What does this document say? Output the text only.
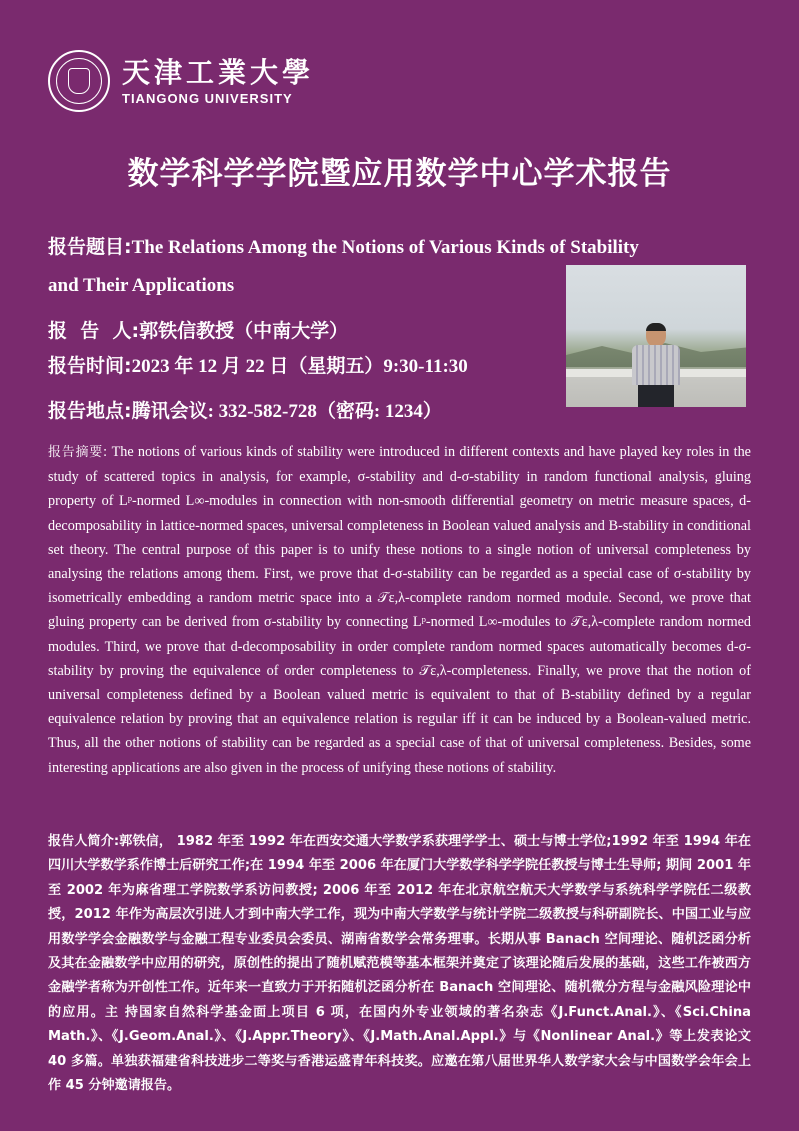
天津工業大學
TIANGONG UNIVERSITY
数学科学学院暨应用数学中心学术报告
报告题目:The Relations Among the Notions of Various Kinds of Stability
and Their Applications
报  告  人:郭铁信教授（中南大学）
报告时间:2023 年 12 月 22 日（星期五）9:30-11:30
报告地点:腾讯会议: 332-582-728（密码: 1234）
报告摘要: The notions of various kinds of stability were introduced in different contexts and have played key roles in the study of scattered topics in analysis, for example, σ-stability and d-σ-stability in random functional analysis, gluing property of Lᵖ-normed L∞-modules in connection with non-smooth differential geometry on metric measure spaces, d-decomposability in lattice-normed spaces, universal completeness in Boolean valued analysis and B-stability in conditional set theory. The central purpose of this paper is to unify these notions to a single notion of universal completeness by analysing the relations among them. First, we prove that d-σ-stability can be regarded as a special case of σ-stability by isometrically embedding a random metric space into a 𝒯ε,λ-complete random normed module. Second, we prove that gluing property can be derived from σ-stability by connecting Lᵖ-normed L∞-modules to 𝒯ε,λ-complete random normed modules. Third, we prove that d-decomposability in order complete random normed spaces automatically becomes d-σ-stability by proving the equivalence of order completeness to 𝒯ε,λ-completeness. Finally, we prove that the notion of universal completeness defined by a Boolean valued metric is equivalent to that of B-stability defined by a regular equivalence relation by proving that an equivalence relation is regular iff it can be induced by a Boolean-valued metric. Thus, all the other notions of stability can be regarded as a special case of that of universal completeness. Besides, some interesting applications are also given in the process of unifying these notions of stability.
报告人简介:郭铁信， 1982 年至 1992 年在西安交通大学数学系获理学学士、硕士与博士学位;1992 年至 1994 年在四川大学数学系作博士后研究工作;在 1994 年至 2006 年在厦门大学数学科学学院任教授与博士生导师; 期间 2001 年至 2002 年为麻省理工学院数学系访问教授; 2006 年至 2012 年在北京航空航天大学数学与系统科学学院任二级教授，2012 年作为高层次引进人才到中南大学工作，现为中南大学数学与统计学院二级教授与科研副院长、中国工业与应用数学学会金融数学与金融工程专业委员会委员、湖南省数学会常务理事。长期从事 Banach 空间理论、随机泛函分析及其在金融数学中应用的研究，原创性的提出了随机赋范模等基本框架并奠定了该理论随后发展的基础，这些工作被西方金融学者称为开创性工作。近年来一直致力于开拓随机泛函分析在 Banach 空间理论、随机微分方程与金融风险理论中的应用。主 持国家自然科学基金面上项目 6 项，在国内外专业领域的著名杂志《J.Funct.Anal.》、《Sci.China Math.》、《J.Geom.Anal.》、《J.Appr.Theory》、《J.Math.Anal.Appl.》与《Nonlinear Anal.》等上发表论文 40 多篇。单独获福建省科技进步二等奖与香港运盛青年科技奖。应邀在第八届世界华人数学家大会与中国数学会年会上作 45 分钟邀请报告。
